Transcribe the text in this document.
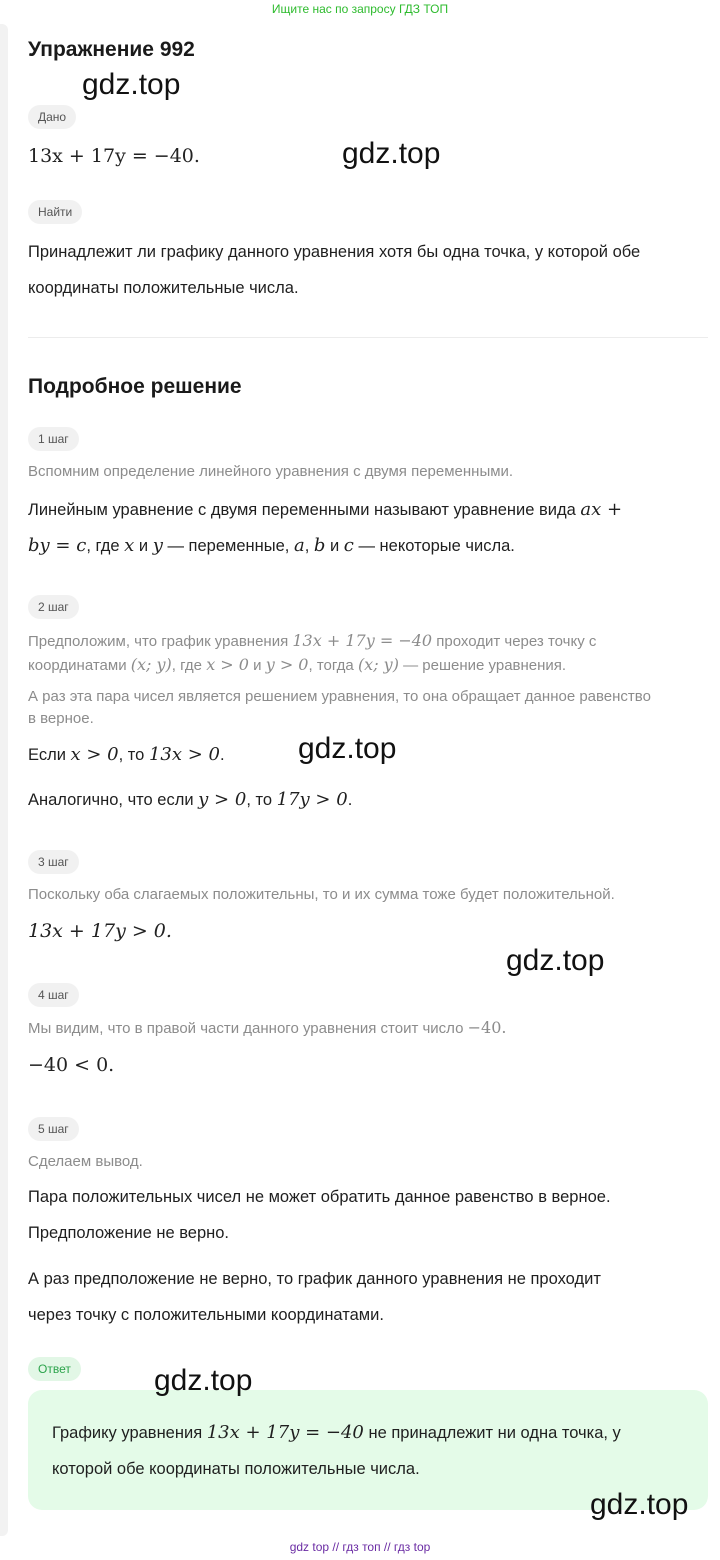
Ищите нас по запросу ГДЗ ТОП
Упражнение 992
Дано
13x + 17y = −40.
Найти
Принадлежит ли графику данного уравнения хотя бы одна точка, у которой обе
координаты положительные числа.
Подробное решение
1 шаг
Вспомним определение линейного уравнения с двумя переменными.
Линейным уравнение с двумя переменными называют уравнение вида ax +
by = c, где x и y — переменные, a, b и c — некоторые числа.
2 шаг
Предположим, что график уравнения 13x + 17y = −40 проходит через точку с
координатами (x; y), где x > 0 и y > 0, тогда (x; y) — решение уравнения.
А раз эта пара чисел является решением уравнения, то она обращает данное равенство
в верное.
Если x > 0, то 13x > 0.
Аналогично, что если y > 0, то 17y > 0.
3 шаг
Поскольку оба слагаемых положительны, то и их сумма тоже будет положительной.
13x + 17y > 0.
4 шаг
Мы видим, что в правой части данного уравнения стоит число −40.
−40 < 0.
5 шаг
Сделаем вывод.
Пара положительных чисел не может обратить данное равенство в верное.
Предположение не верно.
А раз предположение не верно, то график данного уравнения не проходит
через точку с положительными координатами.
Ответ
Графику уравнения 13x + 17y = −40 не принадлежит ни одна точка, у
которой обе координаты положительные числа.
gdz.top
gdz.top
gdz.top
gdz.top
gdz.top
gdz.top
gdz top // гдз топ // гдз top
